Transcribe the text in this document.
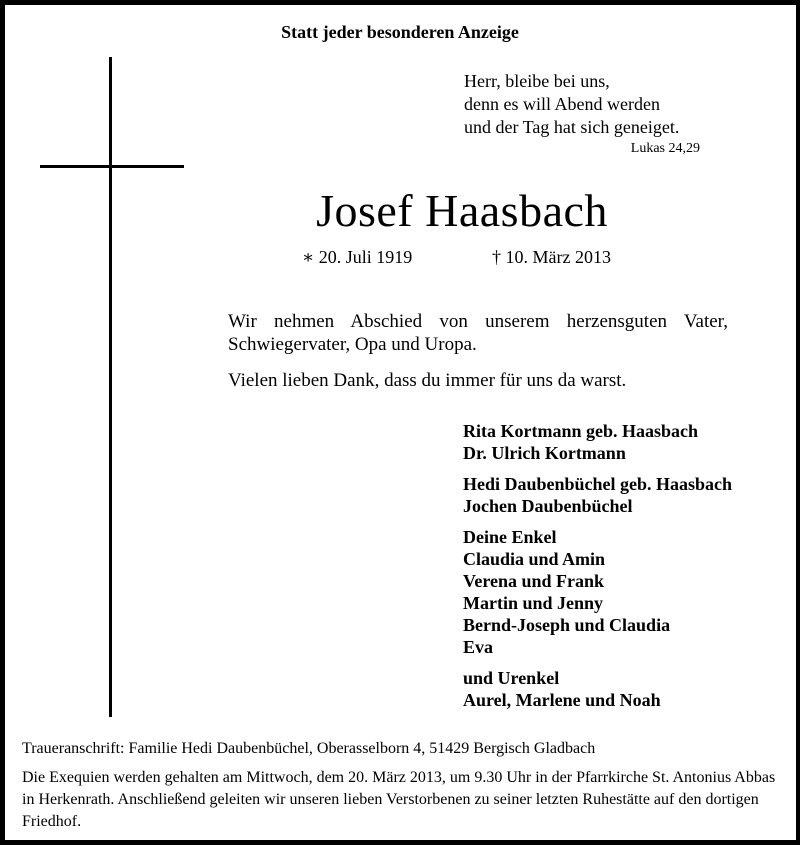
Statt jeder besonderen Anzeige
Herr, bleibe bei uns,
denn es will Abend werden
und der Tag hat sich geneiget.
Lukas 24,29
Josef Haasbach
∗ 20. Juli 1919	† 10. März 2013
Wir nehmen Abschied von unserem herzensguten Vater, Schwiegervater, Opa und Uropa.
Vielen lieben Dank, dass du immer für uns da warst.
Rita Kortmann geb. Haasbach
Dr. Ulrich Kortmann
Hedi Daubenbüchel geb. Haasbach
Jochen Daubenbüchel
Deine Enkel
Claudia und Amin
Verena und Frank
Martin und Jenny
Bernd-Joseph und Claudia
Eva
und Urenkel
Aurel, Marlene und Noah
Traueranschrift: Familie Hedi Daubenbüchel, Oberasselborn 4, 51429 Bergisch Gladbach
Die Exequien werden gehalten am Mittwoch, dem 20. März 2013, um 9.30 Uhr in der Pfarrkirche St. Antonius Abbas in Herkenrath. Anschließend geleiten wir unseren lieben Verstorbenen zu seiner letzten Ruhestätte auf den dortigen Friedhof.
